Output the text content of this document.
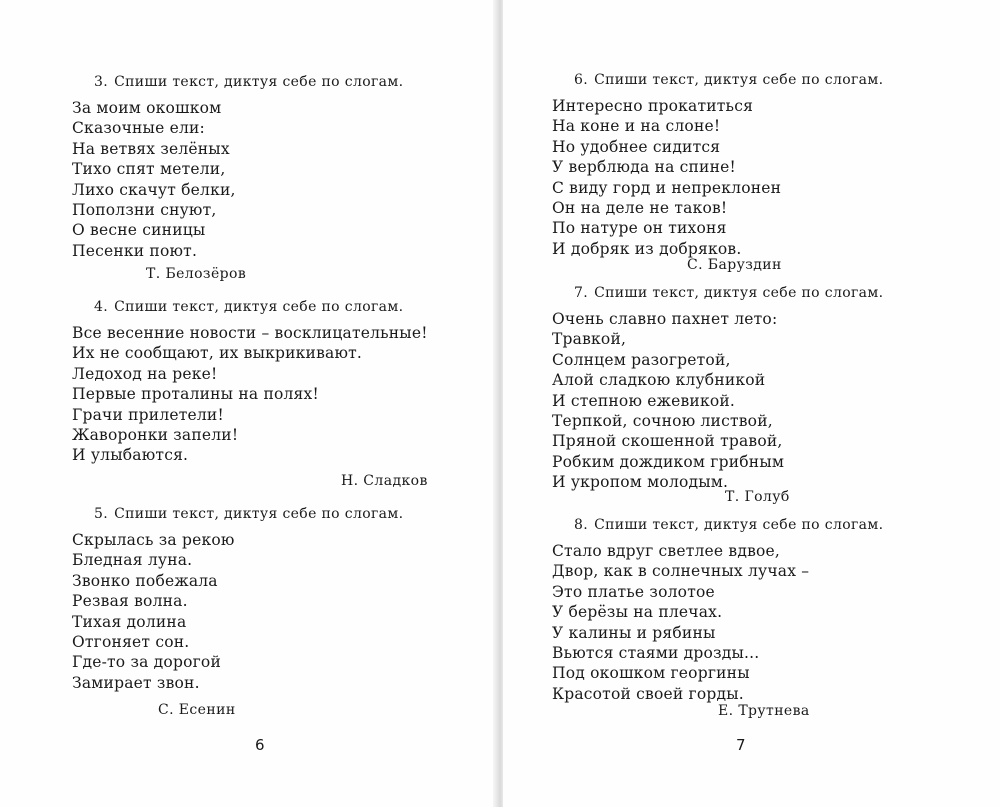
3. Спиши текст, диктуя себе по слогам.
За моим окошком
Сказочные ели:
На ветвях зелёных
Тихо спят метели,
Лихо скачут белки,
Поползни снуют,
О весне синицы
Песенки поют.
Т. Белозёров
4. Спиши текст, диктуя себе по слогам.
Все весенние новости – восклицательные!
Их не сообщают, их выкрикивают.
Ледоход на реке!
Первые проталины на полях!
Грачи прилетели!
Жаворонки запели!
И улыбаются.
Н. Сладков
5. Спиши текст, диктуя себе по слогам.
Скрылась за рекою
Бледная луна.
Звонко побежала
Резвая волна.
Тихая долина
Отгоняет сон.
Где-то за дорогой
Замирает звон.
С. Есенин
6
6. Спиши текст, диктуя себе по слогам.
Интересно прокатиться
На коне и на слоне!
Но удобнее сидится
У верблюда на спине!
С виду горд и непреклонен
Он на деле не таков!
По натуре он тихоня
И добряк из добряков.
С. Баруздин
7. Спиши текст, диктуя себе по слогам.
Очень славно пахнет лето:
Травкой,
Солнцем разогретой,
Алой сладкою клубникой
И степною ежевикой.
Терпкой, сочною листвой,
Пряной скошенной травой,
Робким дождиком грибным
И укропом молодым.
Т. Голуб
8. Спиши текст, диктуя себе по слогам.
Стало вдруг светлее вдвое,
Двор, как в солнечных лучах –
Это платье золотое
У берёзы на плечах.
У калины и рябины
Вьются стаями дрозды...
Под окошком георгины
Красотой своей горды.
Е. Трутнева
7
